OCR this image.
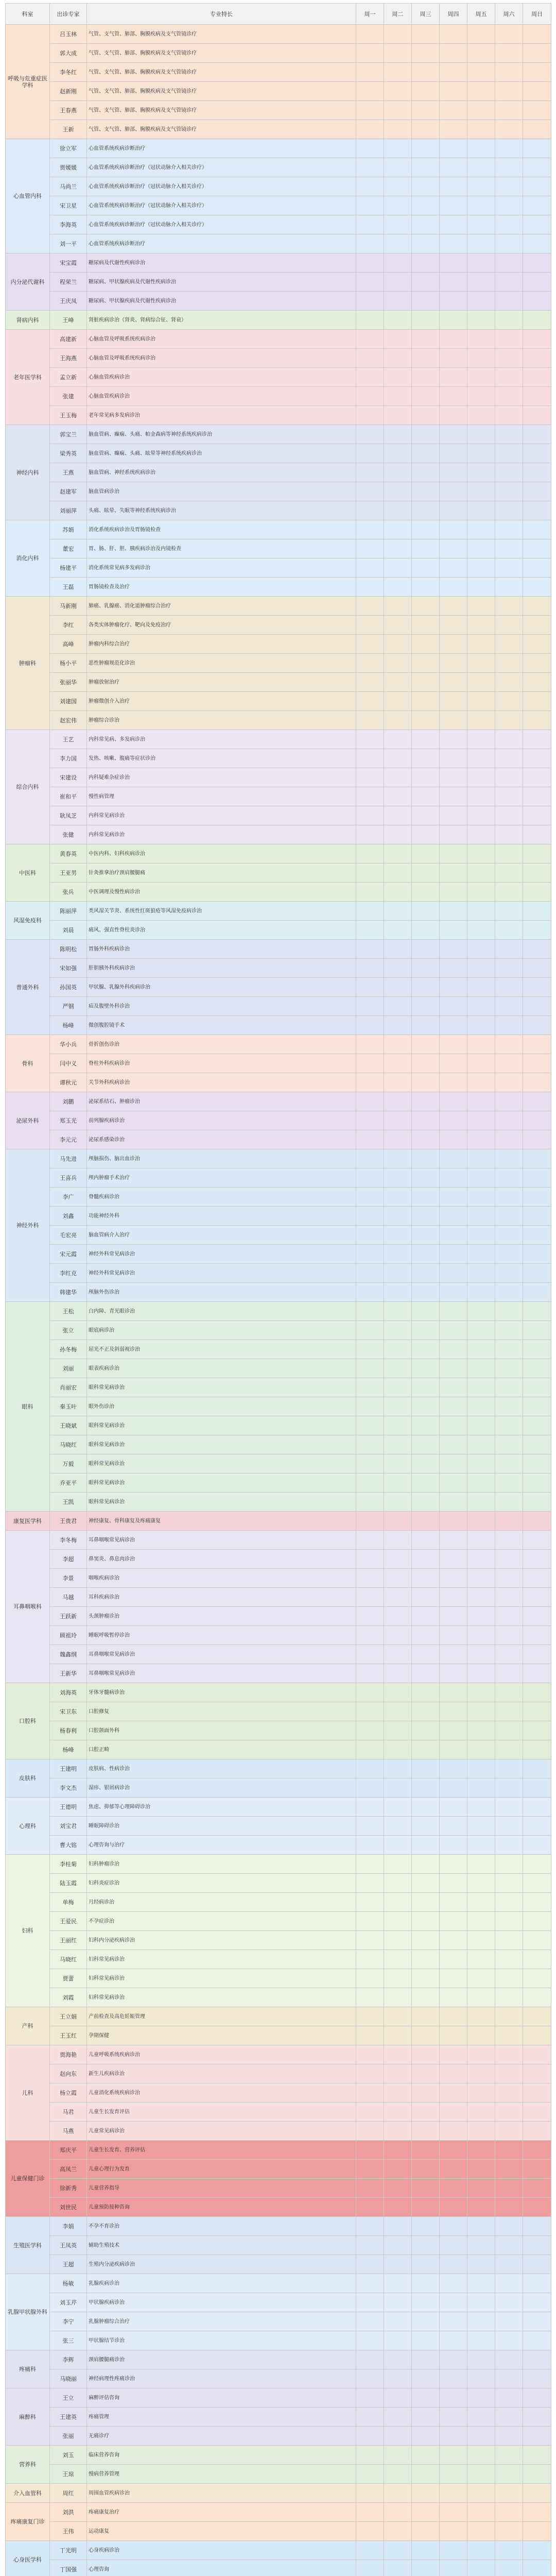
科室	出诊专家	专业特长	周一	周二	周三	周四	周五	周六	周日
呼吸与危重症医学科	吕玉林	气管、支气管、肺部、胸膜疾病及支气管镜诊疗							
	郭大成	气管、支气管、肺部、胸膜疾病及支气管镜诊疗							
	李冬红	气管、支气管、肺部、胸膜疾病及支气管镜诊疗							
	赵新刚	气管、支气管、肺部、胸膜疾病及支气管镜诊疗							
	王春燕	气管、支气管、肺部、胸膜疾病及支气管镜诊疗							
	王新	气管、支气管、肺部、胸膜疾病及支气管镜诊疗							
心血管内科	徐立军	心血管系统疾病诊断治疗							
	贾媛媛	心血管系统疾病诊断治疗（冠状动脉介入相关诊疗）							
	马尚兰	心血管系统疾病诊断治疗（冠状动脉介入相关诊疗）							
	宋卫星	心血管系统疾病诊断治疗（冠状动脉介入相关诊疗）							
	李海英	心血管系统疾病诊断治疗（冠状动脉介入相关诊疗）							
	刘一平	心血管系统疾病诊断治疗							
内分泌代谢科	宋宝霞	糖尿病及代谢性疾病诊治							
	程荣兰	糖尿病、甲状腺疾病及代谢性疾病诊治							
	王庆凤	糖尿病、甲状腺疾病及代谢性疾病诊治							
肾病内科	王峰	肾脏疾病诊治（肾炎、肾病综合征、肾衰）							
老年医学科	高建新	心脑血管及呼吸系统疾病诊治							
	王海燕	心脑血管及呼吸系统疾病诊治							
	孟立新	心脑血管疾病诊治							
	张建	心脑血管疾病诊治							
	王玉梅	老年常见病多发病诊治							
神经内科	郭宝兰	脑血管病、癫痫、头痛、帕金森病等神经系统疾病诊治							
	梁秀英	脑血管病、癫痫、头痛、眩晕等神经系统疾病诊治							
	王燕	脑血管病、神经系统疾病诊治							
	赵建军	脑血管病诊治							
	刘丽萍	头痛、眩晕、失眠等神经系统疾病诊治							
消化内科	苏娟	消化系统疾病诊治及胃肠镜检查							
	董宏	胃、肠、肝、胆、胰疾病诊治及内镜检查							
	杨建平	消化系统常见病多发病诊治							
	王磊	胃肠镜检查及治疗							
肿瘤科	马新刚	肺癌、乳腺癌、消化道肿瘤综合治疗							
	李红	各类实体肿瘤化疗、靶向及免疫治疗							
	高峰	肿瘤内科综合治疗							
	杨小平	恶性肿瘤规范化诊治							
	张丽华	肿瘤放射治疗							
	刘建国	肿瘤微创介入治疗							
	赵宏伟	肿瘤综合诊治							
综合内科	王艺	内科常见病、多发病诊治							
	李力国	发热、咳嗽、腹痛等症状诊治							
	宋建设	内科疑难杂症诊治							
	崔和平	慢性病管理							
	耿凤芝	内科常见病诊治							
	张健	内科常见病诊治							
中医科	黄春英	中医内科、妇科疾病诊治							
	王亚男	针灸推拿治疗颈肩腰腿痛							
	张兵	中医调理及慢性病诊治							
风湿免疫科	陈丽萍	类风湿关节炎、系统性红斑狼疮等风湿免疫病诊治							
	刘晨	痛风、强直性脊柱炎诊治							
普通外科	陈明松	胃肠外科疾病诊治							
	宋如强	肝胆胰外科疾病诊治							
	孙国英	甲状腺、乳腺外科疾病诊治							
	严钢	疝及腹壁外科诊治							
	杨峰	微创腹腔镜手术							
骨科	华小兵	骨折创伤诊治							
	闫中义	脊柱外科疾病诊治							
	谭秋元	关节外科疾病诊治							
泌尿外科	刘鹏	泌尿系结石、肿瘤诊治							
	郑玉光	前列腺疾病诊治							
	李元元	泌尿系感染诊治							
神经外科	马先进	颅脑损伤、脑出血诊治							
	王喜兵	颅内肿瘤手术治疗							
	李广	脊髓疾病诊治							
	刘鑫	功能神经外科							
	毛宏亮	脑血管病介入治疗							
	宋元霞	神经外科常见病诊治							
	李红克	神经外科常见病诊治							
	韩建华	颅脑外伤诊治							
眼科	王松	白内障、青光眼诊治							
	张立	眼底病诊治							
	孙冬梅	屈光不正及斜弱视诊治							
	刘丽	眼表疾病诊治							
	肖丽宏	眼科常见病诊治							
	秦玉叶	眼外伤诊治							
	王晓斌	眼科常见病诊治							
	马晓红	眼科常见病诊治							
	万毅	眼科常见病诊治							
	乔亚平	眼科常见病诊治							
	王凯	眼科常见病诊治							
康复医学科	王贵君	神经康复、骨科康复及疼痛康复							
耳鼻咽喉科	李冬梅	耳鼻咽喉常见病诊治							
	李超	鼻窦炎、鼻息肉诊治							
	李景	咽喉疾病诊治							
	马越	耳科疾病诊治							
	王跃新	头颈肿瘤诊治							
	顾祖玲	睡眠呼吸暂停诊治							
	魏鑫纲	耳鼻咽喉常见病诊治							
	王新华	耳鼻咽喉常见病诊治							
口腔科	刘海英	牙体牙髓病诊治							
	宋卫东	口腔修复							
	杨春利	口腔颌面外科							
	杨峰	口腔正畸							
皮肤科	王建明	皮肤病、性病诊治							
	李文杰	湿疹、银屑病诊治							
心理科	王德明	焦虑、抑郁等心理障碍诊治							
	刘宝君	睡眠障碍诊治							
	曹大铭	心理咨询与治疗							
妇科	李桂菊	妇科肿瘤诊治							
	陆玉霞	妇科炎症诊治							
	单梅	月经病诊治							
	王爱民	不孕症诊治							
	王丽红	妇科内分泌疾病诊治							
	马晓红	妇科常见病诊治							
	贾蕾	妇科常见病诊治							
	刘霞	妇科常见病诊治							
产科	王立娟	产前检查及高危妊娠管理							
	王玉红	孕期保健							
儿科	贾海艳	儿童呼吸系统疾病诊治							
	赵向东	新生儿疾病诊治							
	杨立霞	儿童消化系统疾病诊治							
	马君	儿童生长发育评估							
	马燕	儿童常见病诊治							
儿童保健门诊	郑庆平	儿童生长发育、营养评估							
	高凤兰	儿童心理行为发育							
	徐新秀	儿童营养指导							
	刘世民	儿童预防接种咨询							
生殖医学科	李娟	不孕不育诊治							
	王凤英	辅助生殖技术							
	王超	生殖内分泌疾病诊治							
乳腺甲状腺外科	杨敏	乳腺疾病诊治							
	刘玉芹	甲状腺疾病诊治							
	李宁	乳腺肿瘤综合治疗							
	张三	甲状腺结节诊治							
疼痛科	李辉	颈肩腰腿痛诊治							
	马晓丽	神经病理性疼痛诊治							
麻醉科	王立	麻醉评估咨询							
	王建英	疼痛管理							
	张丽	无痛诊疗							
营养科	刘玉	临床营养咨询							
	王琼	慢病营养管理							
介入血管科	周红	周围血管疾病诊治							
疼痛康复门诊	刘洪	疼痛康复治疗							
	王伟	运动康复							
心身医学科	丁光明	心身疾病诊治							
	丁国强	心理咨询							
